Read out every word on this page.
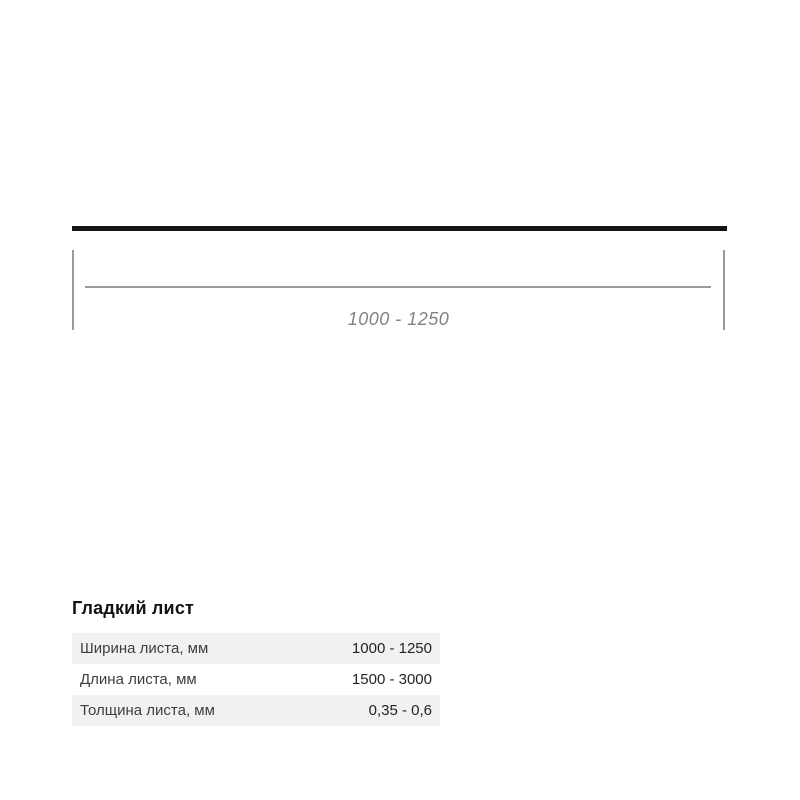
1000 - 1250
Гладкий лист
Ширина листа, мм	1000 - 1250
Длина листа, мм	1500 - 3000
Толщина листа, мм	0,35 - 0,6
